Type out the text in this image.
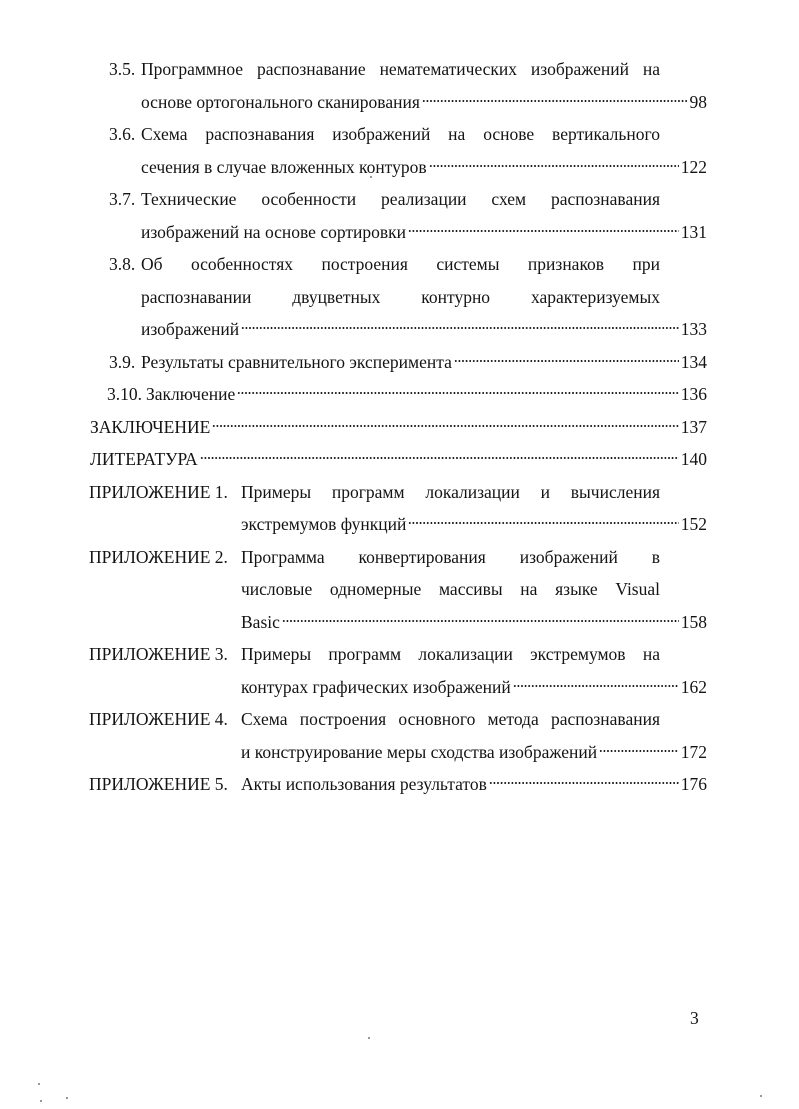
3.5. Программное распознавание нематематических изображений на
основе ортогонального сканирования	98
3.6. Схема распознавания изображений на основе вертикального
сечения в случае вложенных контуров	122
3.7. Технические особенности реализации схем распознавания
изображений на основе сортировки	131
3.8. Об особенностях построения системы признаков при
распознавании двуцветных контурно характеризуемых
изображений	133
3.9. Результаты сравнительного эксперимента	134
3.10. Заключение	136
ЗАКЛЮЧЕНИЕ	137
ЛИТЕРАТУРА	140
ПРИЛОЖЕНИЕ 1. Примеры программ локализации и вычисления
экстремумов функций	152
ПРИЛОЖЕНИЕ 2. Программа конвертирования изображений в
числовые одномерные массивы на языке Visual
Basic	158
ПРИЛОЖЕНИЕ 3. Примеры программ локализации экстремумов на
контурах графических изображений	162
ПРИЛОЖЕНИЕ 4. Схема построения основного метода распознавания
и конструирование меры сходства изображений	172
ПРИЛОЖЕНИЕ 5. Акты использования результатов	176
3
